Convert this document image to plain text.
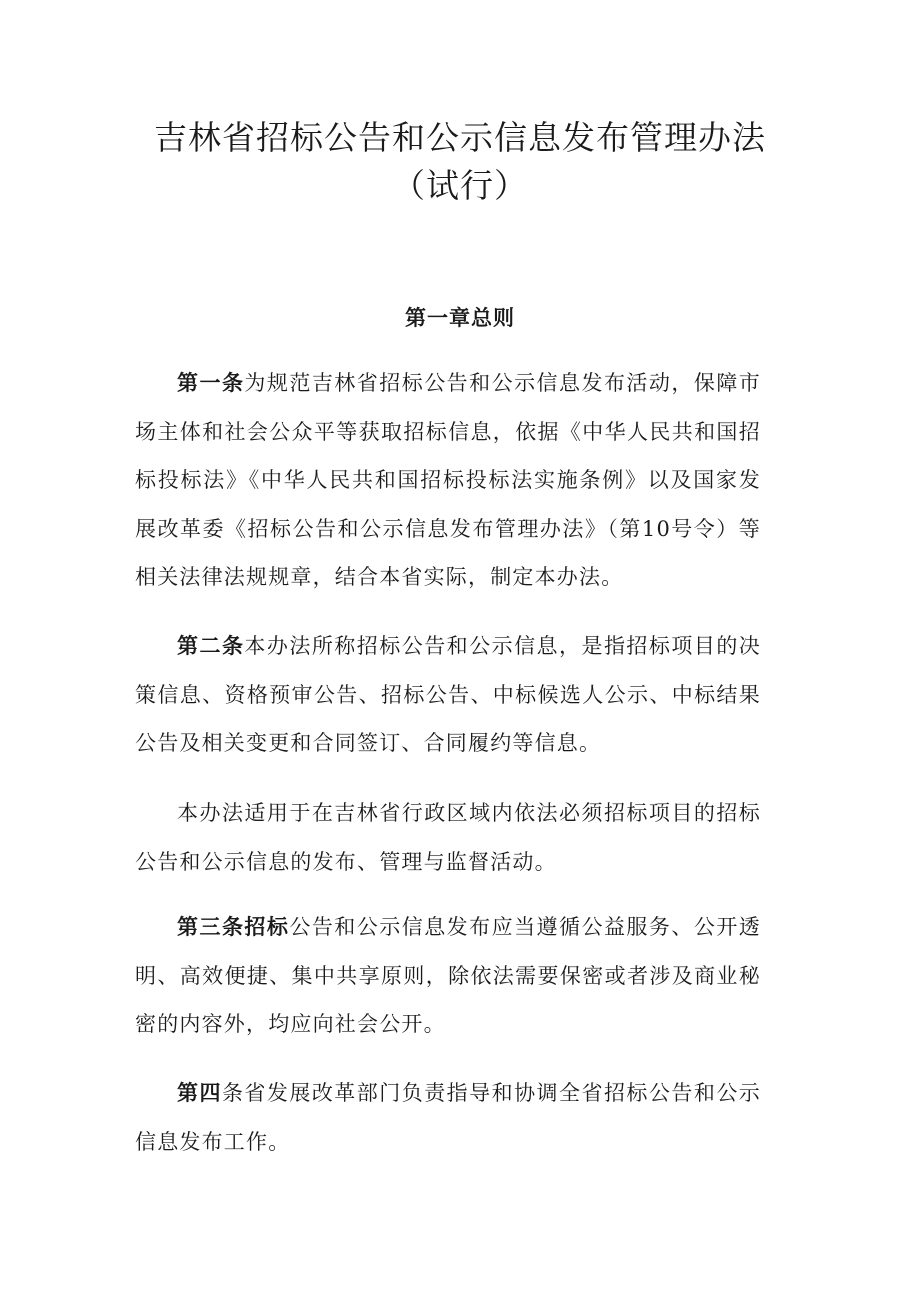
吉林省招标公告和公示信息发布管理办法
（试行）
第一章总则

第一条为规范吉林省招标公告和公示信息发布活动，保障市场主体和社会公众平等获取招标信息，依据《中华人民共和国招标投标法》《中华人民共和国招标投标法实施条例》以及国家发展改革委《招标公告和公示信息发布管理办法》（第10号令）等相关法律法规规章，结合本省实际，制定本办法。

第二条本办法所称招标公告和公示信息，是指招标项目的决策信息、资格预审公告、招标公告、中标候选人公示、中标结果公告及相关变更和合同签订、合同履约等信息。

本办法适用于在吉林省行政区域内依法必须招标项目的招标公告和公示信息的发布、管理与监督活动。

第三条招标公告和公示信息发布应当遵循公益服务、公开透明、高效便捷、集中共享原则，除依法需要保密或者涉及商业秘密的内容外，均应向社会公开。

第四条省发展改革部门负责指导和协调全省招标公告和公示信息发布工作。
